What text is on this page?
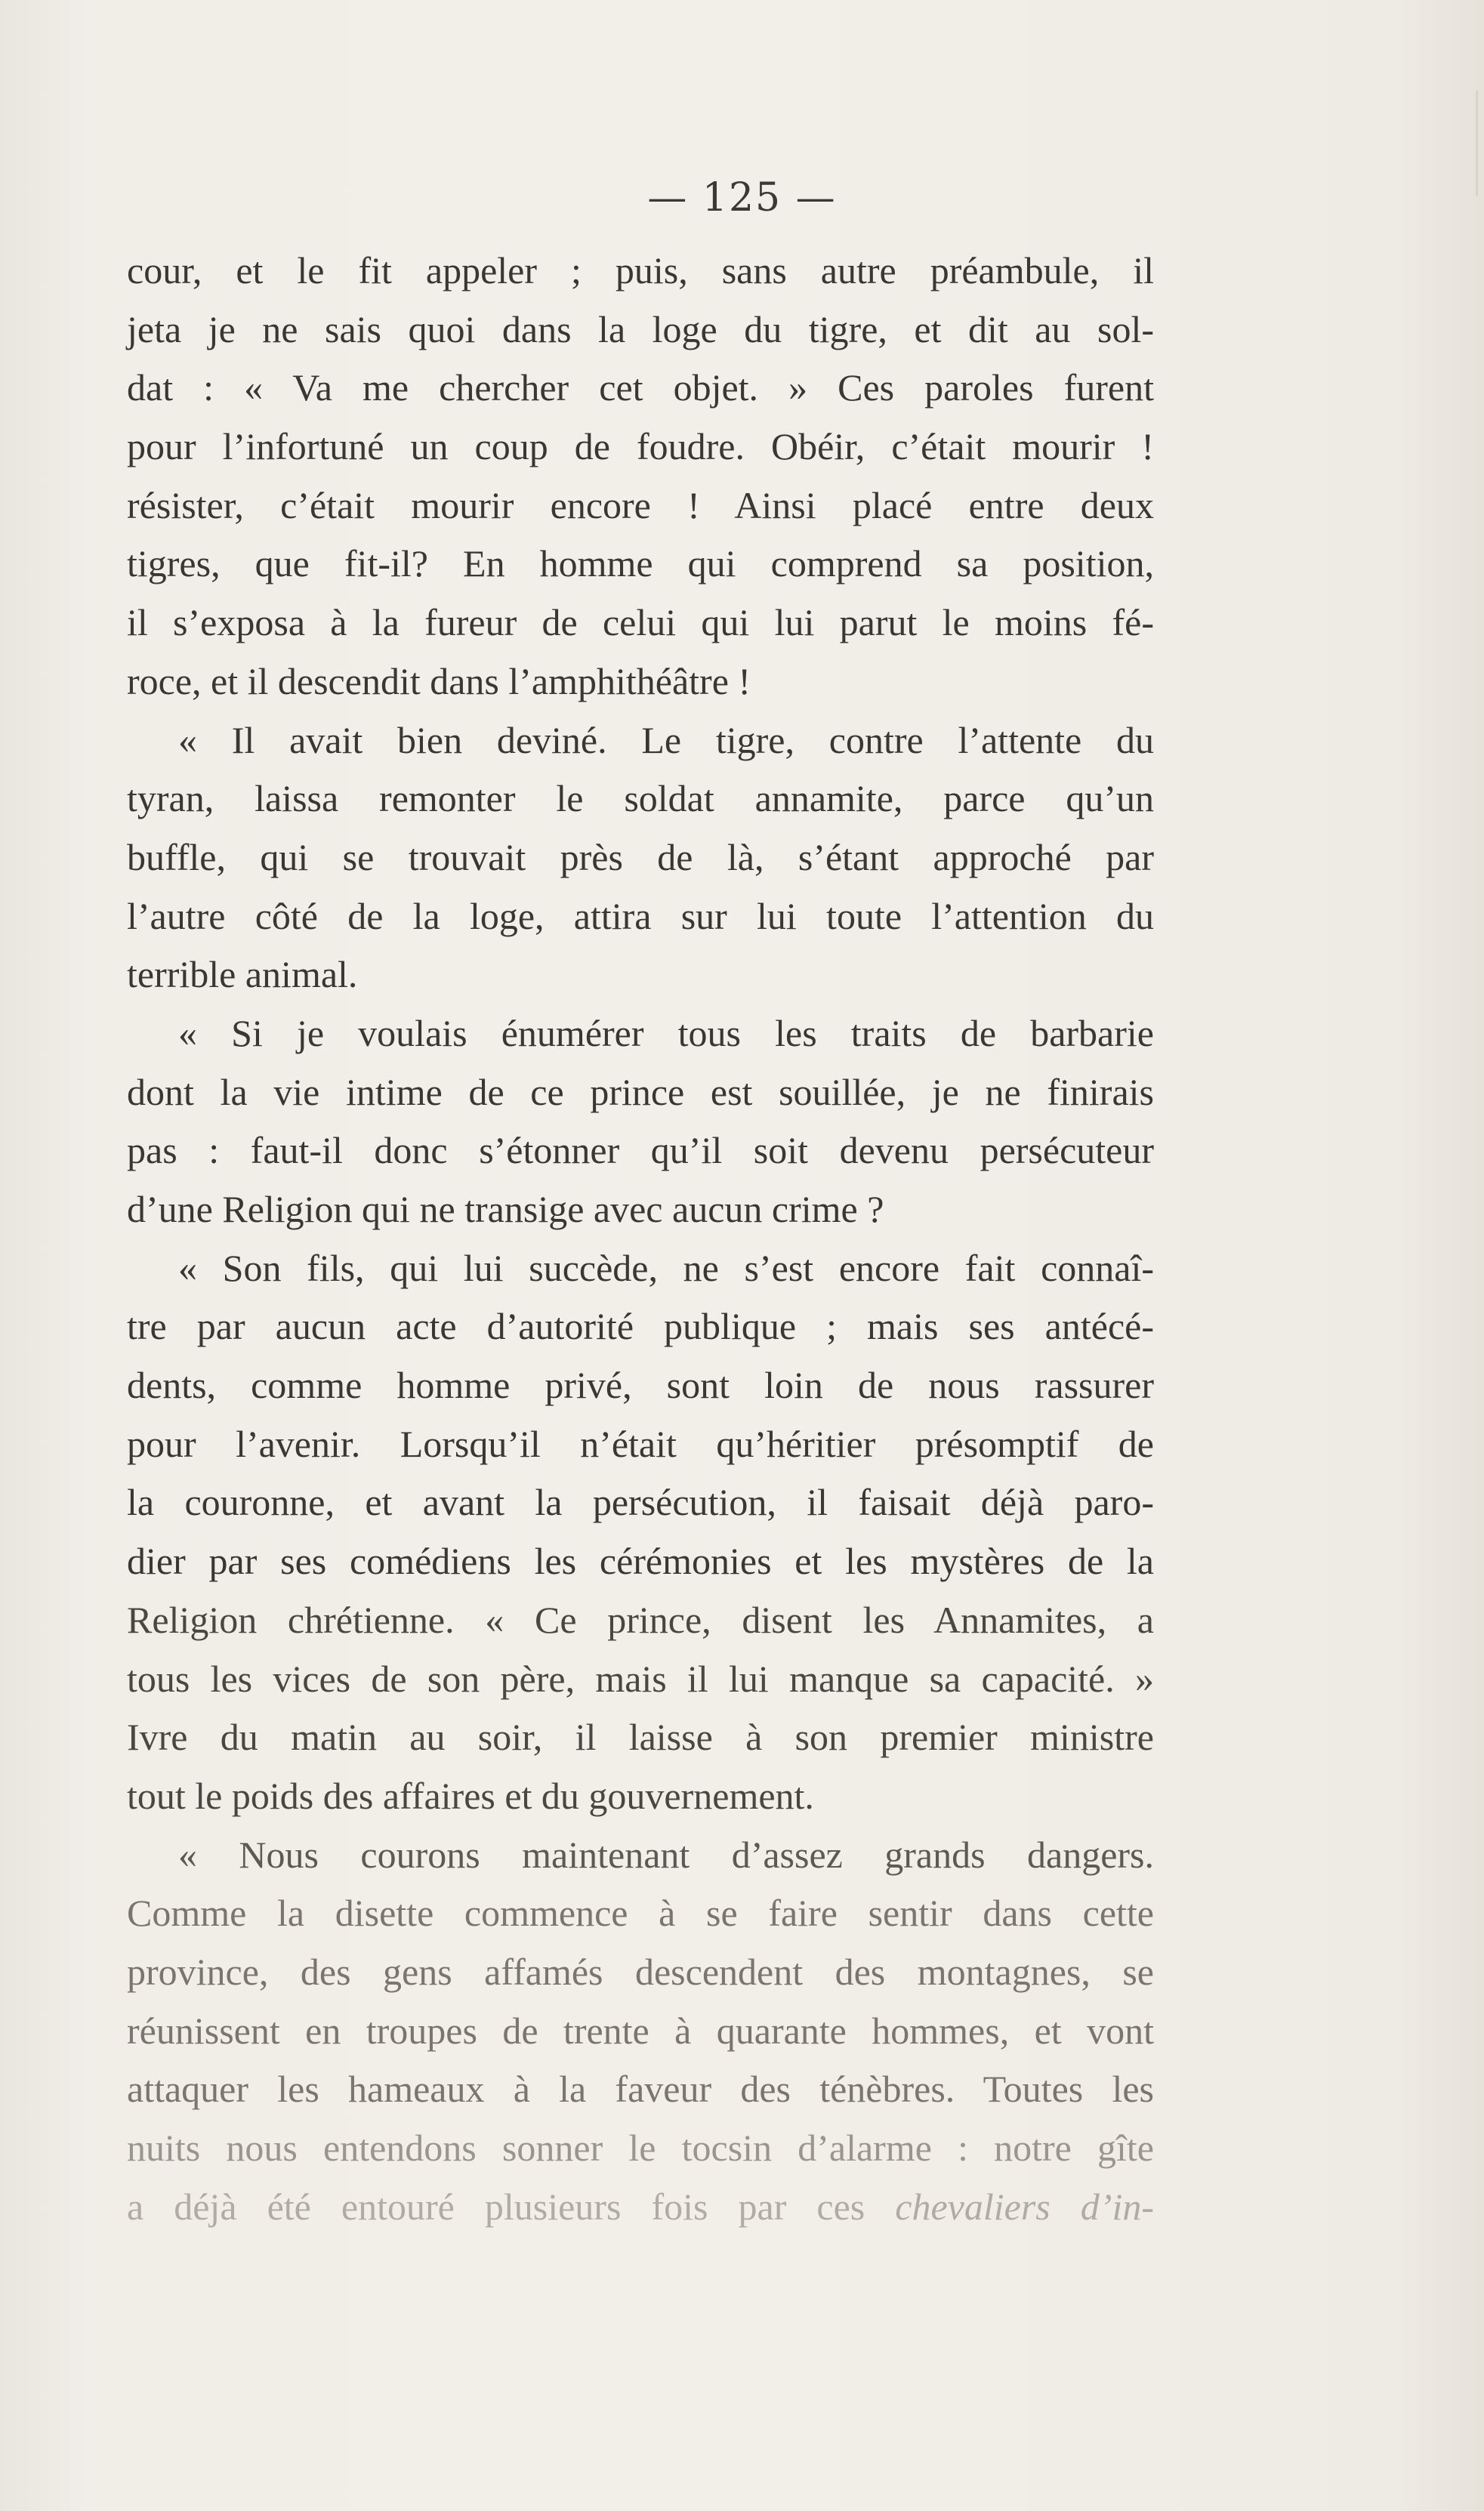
— 125 —
cour, et le fit appeler ; puis, sans autre préambule, il
jeta je ne sais quoi dans la loge du tigre, et dit au sol-
dat : « Va me chercher cet objet. » Ces paroles furent
pour l’infortuné un coup de foudre. Obéir, c’était mourir !
résister, c’était mourir encore ! Ainsi placé entre deux
tigres, que fit-il? En homme qui comprend sa position,
il s’exposa à la fureur de celui qui lui parut le moins fé-
roce, et il descendit dans l’amphithéâtre !
« Il avait bien deviné. Le tigre, contre l’attente du
tyran, laissa remonter le soldat annamite, parce qu’un
buffle, qui se trouvait près de là, s’étant approché par
l’autre côté de la loge, attira sur lui toute l’attention du
terrible animal.
« Si je voulais énumérer tous les traits de barbarie
dont la vie intime de ce prince est souillée, je ne finirais
pas : faut-il donc s’étonner qu’il soit devenu persécuteur
d’une Religion qui ne transige avec aucun crime ?
« Son fils, qui lui succède, ne s’est encore fait connaî-
tre par aucun acte d’autorité publique ; mais ses antécé-
dents, comme homme privé, sont loin de nous rassurer
pour l’avenir. Lorsqu’il n’était qu’héritier présomptif de
la couronne, et avant la persécution, il faisait déjà paro-
dier par ses comédiens les cérémonies et les mystères de la
Religion chrétienne. « Ce prince, disent les Annamites, a
tous les vices de son père, mais il lui manque sa capacité. »
Ivre du matin au soir, il laisse à son premier ministre
tout le poids des affaires et du gouvernement.
« Nous courons maintenant d’assez grands dangers.
Comme la disette commence à se faire sentir dans cette
province, des gens affamés descendent des montagnes, se
réunissent en troupes de trente à quarante hommes, et vont
attaquer les hameaux à la faveur des ténèbres. Toutes les
nuits nous entendons sonner le tocsin d’alarme : notre gîte
a déjà été entouré plusieurs fois par ces chevaliers d’in-
